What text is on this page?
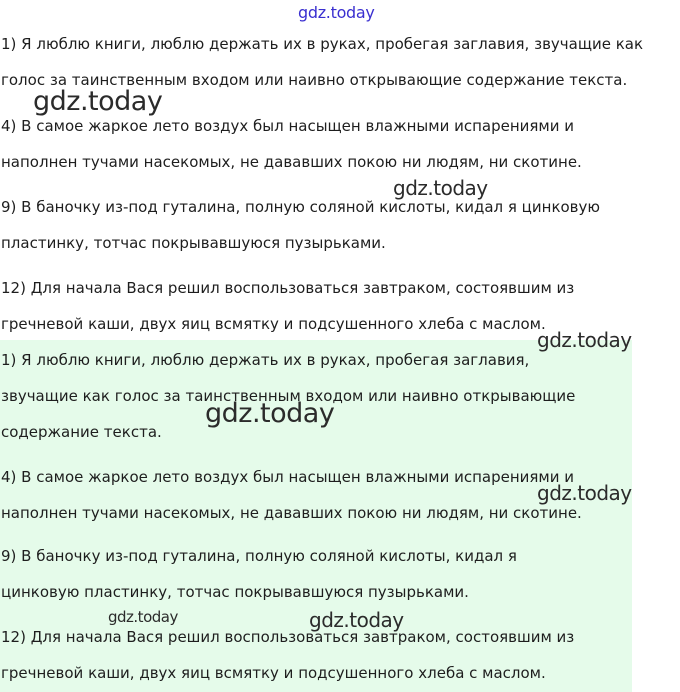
gdz.today

1) Я люблю книги, люблю держать их в руках, пробегая заглавия, звучащие как
голос за таинственным входом или наивно открывающие содержание текста.

4) В самое жаркое лето воздух был насыщен влажными испарениями и
наполнен тучами насекомых, не дававших покою ни людям, ни скотине.

9) В баночку из-под гуталина, полную соляной кислоты, кидал я цинковую
пластинку, тотчас покрывавшуюся пузырьками.

12) Для начала Вася решил воспользоваться завтраком, состоявшим из
гречневой каши, двух яиц всмятку и подсушенного хлеба с маслом.

1) Я люблю книги, люблю держать их в руках, пробегая заглавия,
звучащие как голос за таинственным входом или наивно открывающие
содержание текста.

4) В самое жаркое лето воздух был насыщен влажными испарениями и
наполнен тучами насекомых, не дававших покою ни людям, ни скотине.

9) В баночку из-под гуталина, полную соляной кислоты, кидал я
цинковую пластинку, тотчас покрывавшуюся пузырьками.

12) Для начала Вася решил воспользоваться завтраком, состоявшим из
гречневой каши, двух яиц всмятку и подсушенного хлеба с маслом.

gdz.today
gdz.today
gdz.today
gdz.today
gdz.today
gdz.today	gdz.today
